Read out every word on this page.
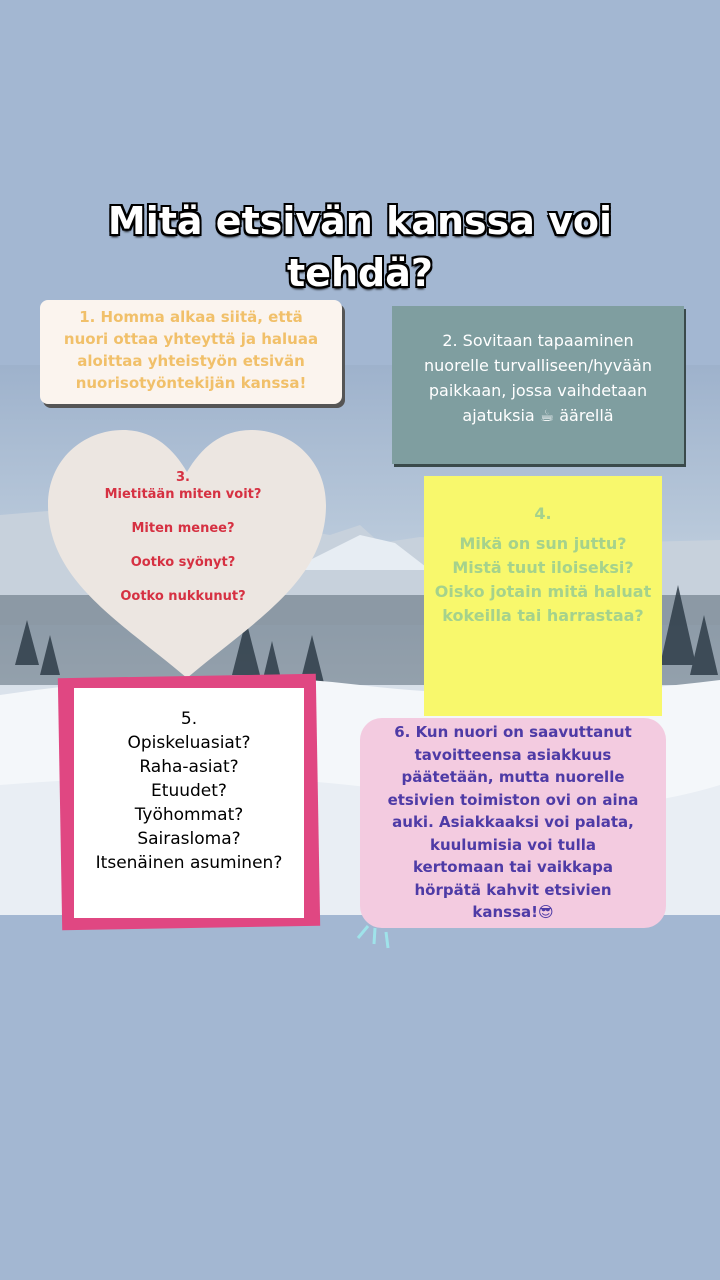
Mitä etsivän kanssa voi
tehdä?
1. Homma alkaa siitä, että
nuori ottaa yhteyttä ja haluaa
aloittaa yhteistyön etsivän
nuorisotyöntekijän kanssa!
2. Sovitaan tapaaminen
nuorelle turvalliseen/hyvään
paikkaan, jossa vaihdetaan
ajatuksia ☕ äärellä
3.
Mietitään miten voit?
Miten menee?
Ootko syönyt?
Ootko nukkunut?
4.
Mikä on sun juttu?
Mistä tuut iloiseksi?
Oisko jotain mitä haluat
kokeilla tai harrastaa?
5.
Opiskeluasiat?
Raha-asiat?
Etuudet?
Työhommat?
Sairasloma?
Itsenäinen asuminen?
6. Kun nuori on saavuttanut
tavoitteensa asiakkuus
päätetään, mutta nuorelle
etsivien toimiston ovi on aina
auki. Asiakkaaksi voi palata,
kuulumisia voi tulla
kertomaan tai vaikkapa
hörpätä kahvit etsivien
kanssa!😎
